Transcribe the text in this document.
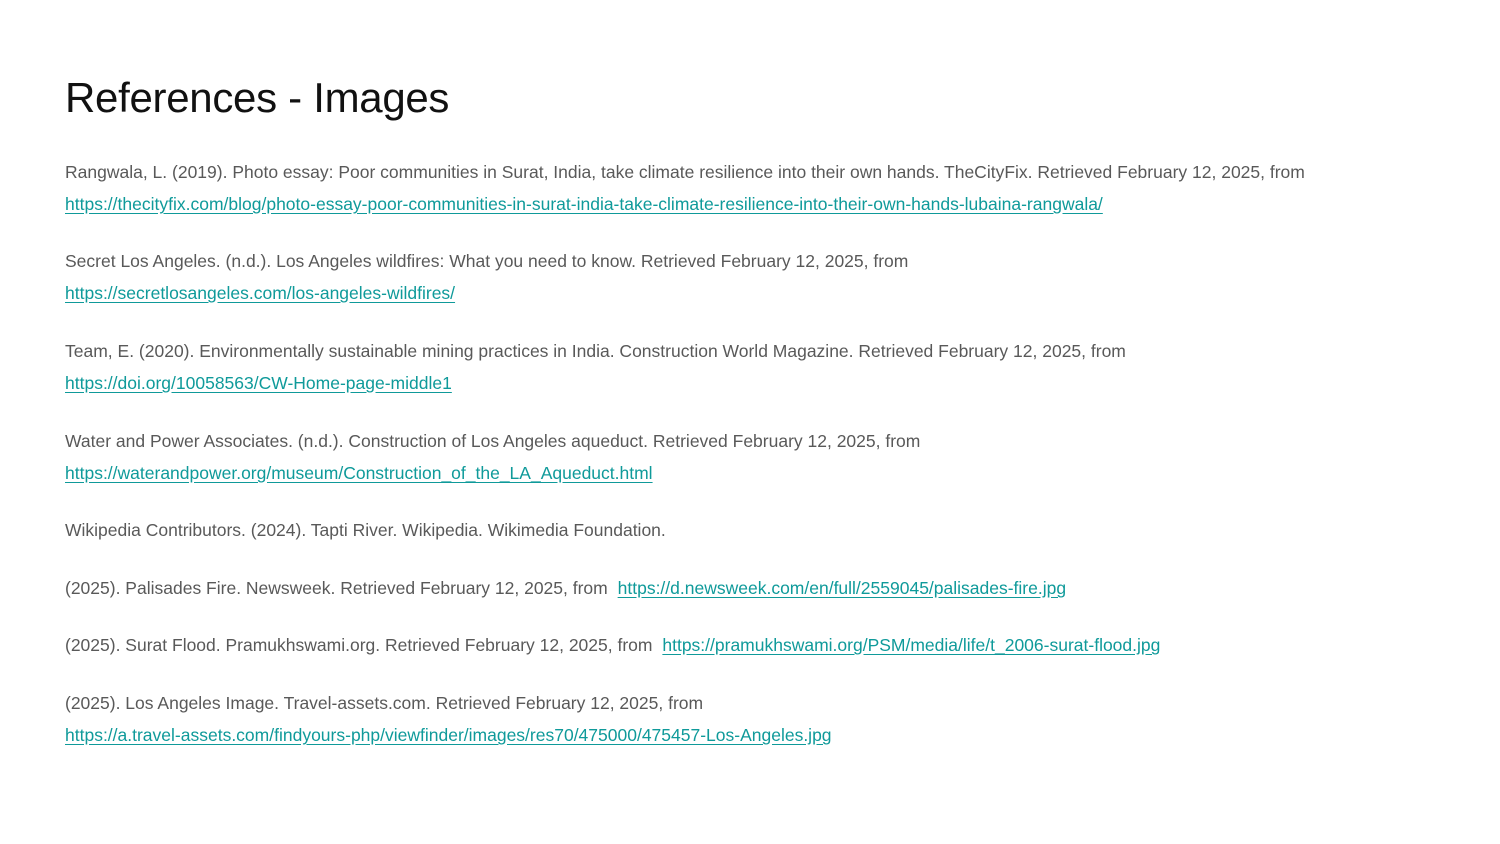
References - Images
Rangwala, L. (2019). Photo essay: Poor communities in Surat, India, take climate resilience into their own hands. TheCityFix. Retrieved February 12, 2025, from
https://thecityfix.com/blog/photo-essay-poor-communities-in-surat-india-take-climate-resilience-into-their-own-hands-lubaina-rangwala/
Secret Los Angeles. (n.d.). Los Angeles wildfires: What you need to know. Retrieved February 12, 2025, from
https://secretlosangeles.com/los-angeles-wildfires/
Team, E. (2020). Environmentally sustainable mining practices in India. Construction World Magazine. Retrieved February 12, 2025, from
https://doi.org/10058563/CW-Home-page-middle1
Water and Power Associates. (n.d.). Construction of Los Angeles aqueduct. Retrieved February 12, 2025, from
https://waterandpower.org/museum/Construction_of_the_LA_Aqueduct.html
Wikipedia Contributors. (2024). Tapti River. Wikipedia. Wikimedia Foundation.
(2025). Palisades Fire. Newsweek. Retrieved February 12, 2025, from https://d.newsweek.com/en/full/2559045/palisades-fire.jpg
(2025). Surat Flood. Pramukhswami.org. Retrieved February 12, 2025, from https://pramukhswami.org/PSM/media/life/t_2006-surat-flood.jpg
(2025). Los Angeles Image. Travel-assets.com. Retrieved February 12, 2025, from
https://a.travel-assets.com/findyours-php/viewfinder/images/res70/475000/475457-Los-Angeles.jpg
